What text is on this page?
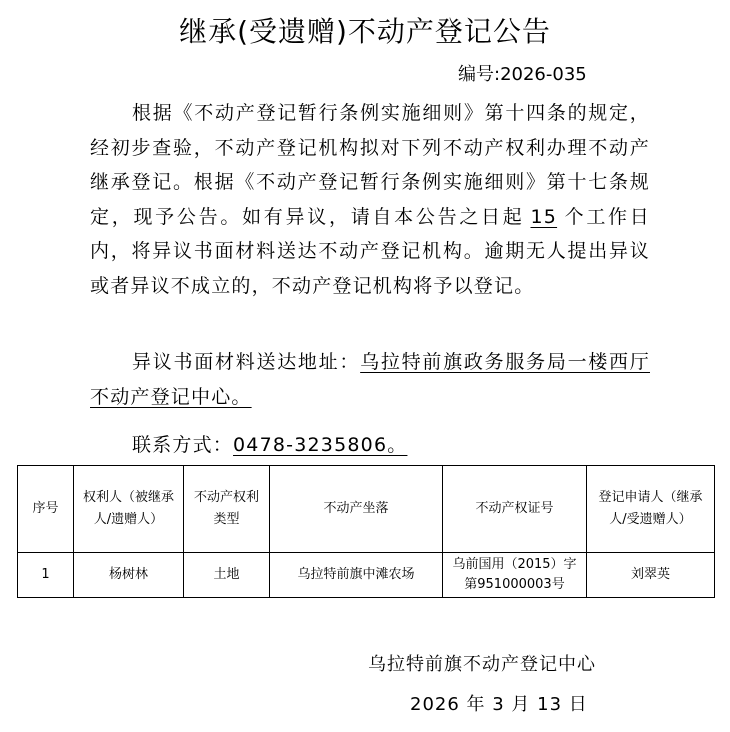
继承(受遗赠)不动产登记公告
编号:2026-035
根据《不动产登记暂行条例实施细则》第十四条的规定，经初步查验，不动产登记机构拟对下列不动产权利办理不动产继承登记。根据《不动产登记暂行条例实施细则》第十七条规定，现予公告。如有异议，请自本公告之日起 15 个工作日内，将异议书面材料送达不动产登记机构。逾期无人提出异议或者异议不成立的，不动产登记机构将予以登记。
异议书面材料送达地址：乌拉特前旗政务服务局一楼西厅不动产登记中心。
联系方式：0478-3235806。
序号	权利人（被继承人/遗赠人）	不动产权利类型	不动产坐落	不动产权证号	登记申请人（继承人/受遗赠人）
1	杨树林	土地	乌拉特前旗中滩农场	乌前国用（2015）字第951000003号	刘翠英
乌拉特前旗不动产登记中心
2026 年 3 月 13 日
